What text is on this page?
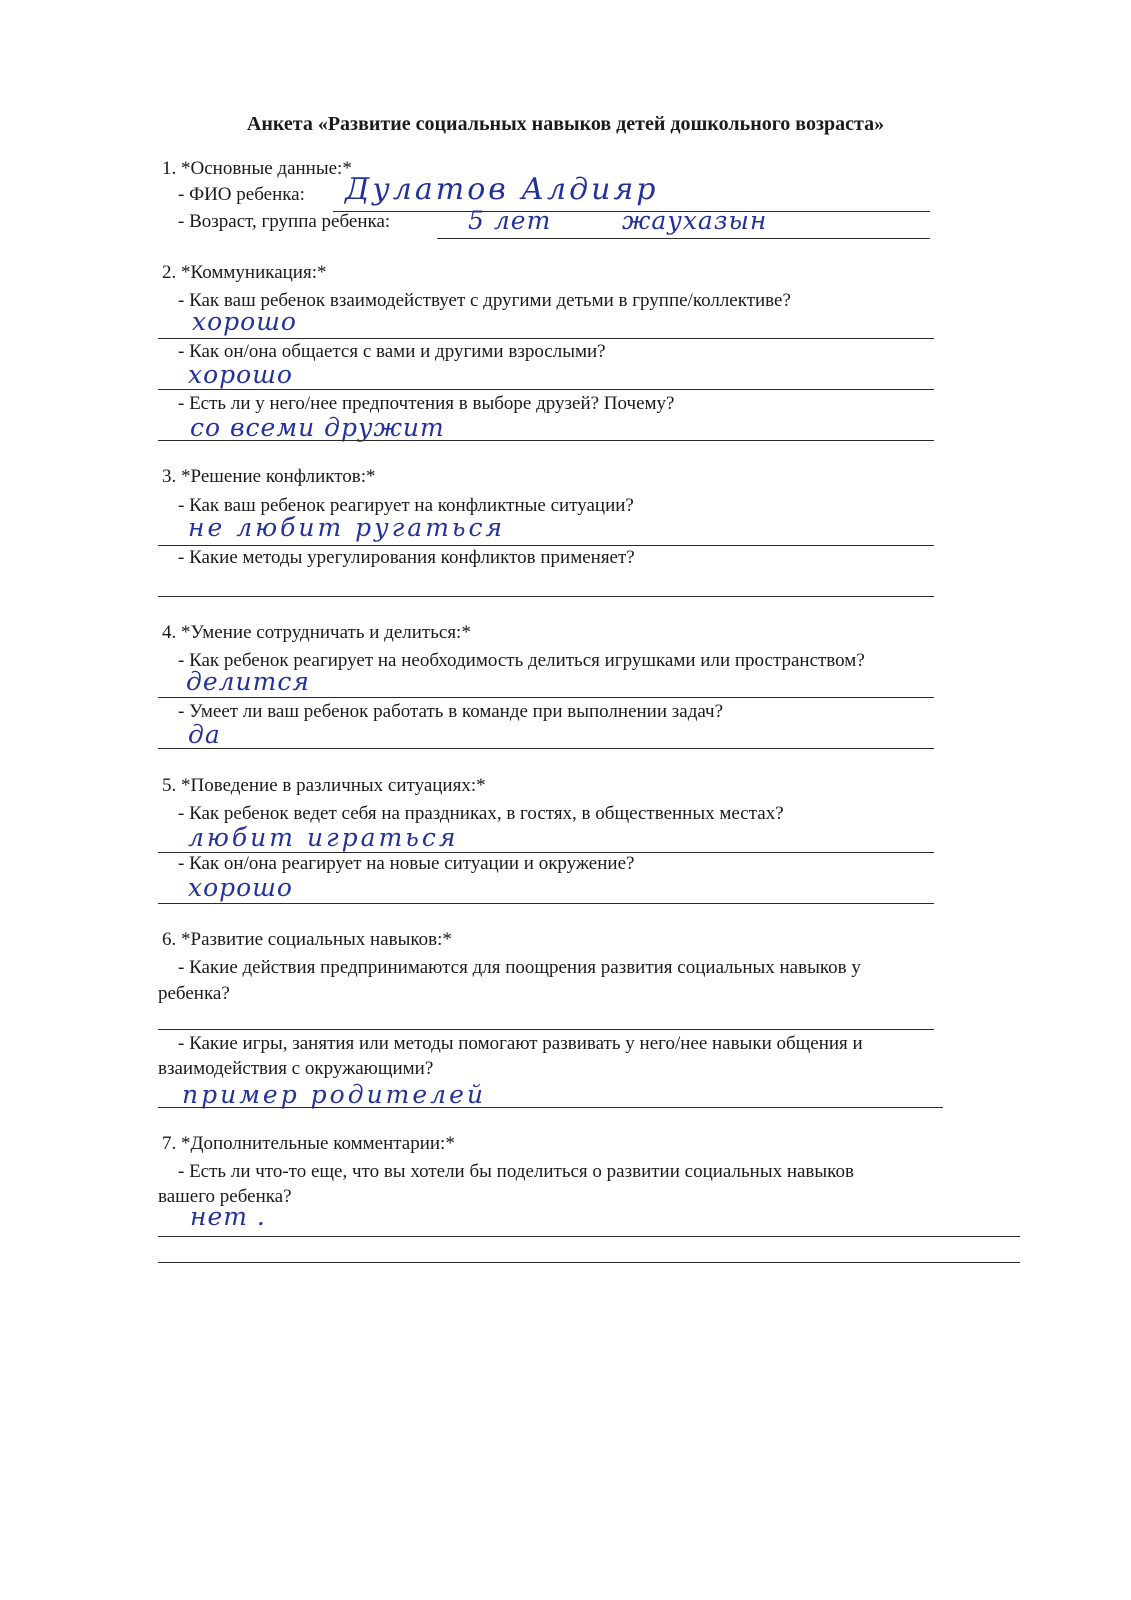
Анкета «Развитие социальных навыков детей дошкольного возраста»
1. *Основные данные:*
- ФИО ребенка: Дулатов Алдияр
- Возраст, группа ребенка:	5 лет	жаухазын
2. *Коммуникация:*
- Как ваш ребенок взаимодействует с другими детьми в группе/коллективе?
хорошо
- Как он/она общается с вами и другими взрослыми?
хорошо
- Есть ли у него/нее предпочтения в выборе друзей? Почему?
со всеми дружит
3. *Решение конфликтов:*
- Как ваш ребенок реагирует на конфликтные ситуации?
не любит ругаться
- Какие методы урегулирования конфликтов применяет?
4. *Умение сотрудничать и делиться:*
- Как ребенок реагирует на необходимость делиться игрушками или пространством?
делится
- Умеет ли ваш ребенок работать в команде при выполнении задач?
да
5. *Поведение в различных ситуациях:*
- Как ребенок ведет себя на праздниках, в гостях, в общественных местах?
любит играться
- Как он/она реагирует на новые ситуации и окружение?
хорошо
6. *Развитие социальных навыков:*
- Какие действия предпринимаются для поощрения развития социальных навыков у
ребенка?
- Какие игры, занятия или методы помогают развивать у него/нее навыки общения и
взаимодействия с окружающими?
пример родителей
7. *Дополнительные комментарии:*
- Есть ли что-то еще, что вы хотели бы поделиться о развитии социальных навыков
вашего ребенка?
нет .
